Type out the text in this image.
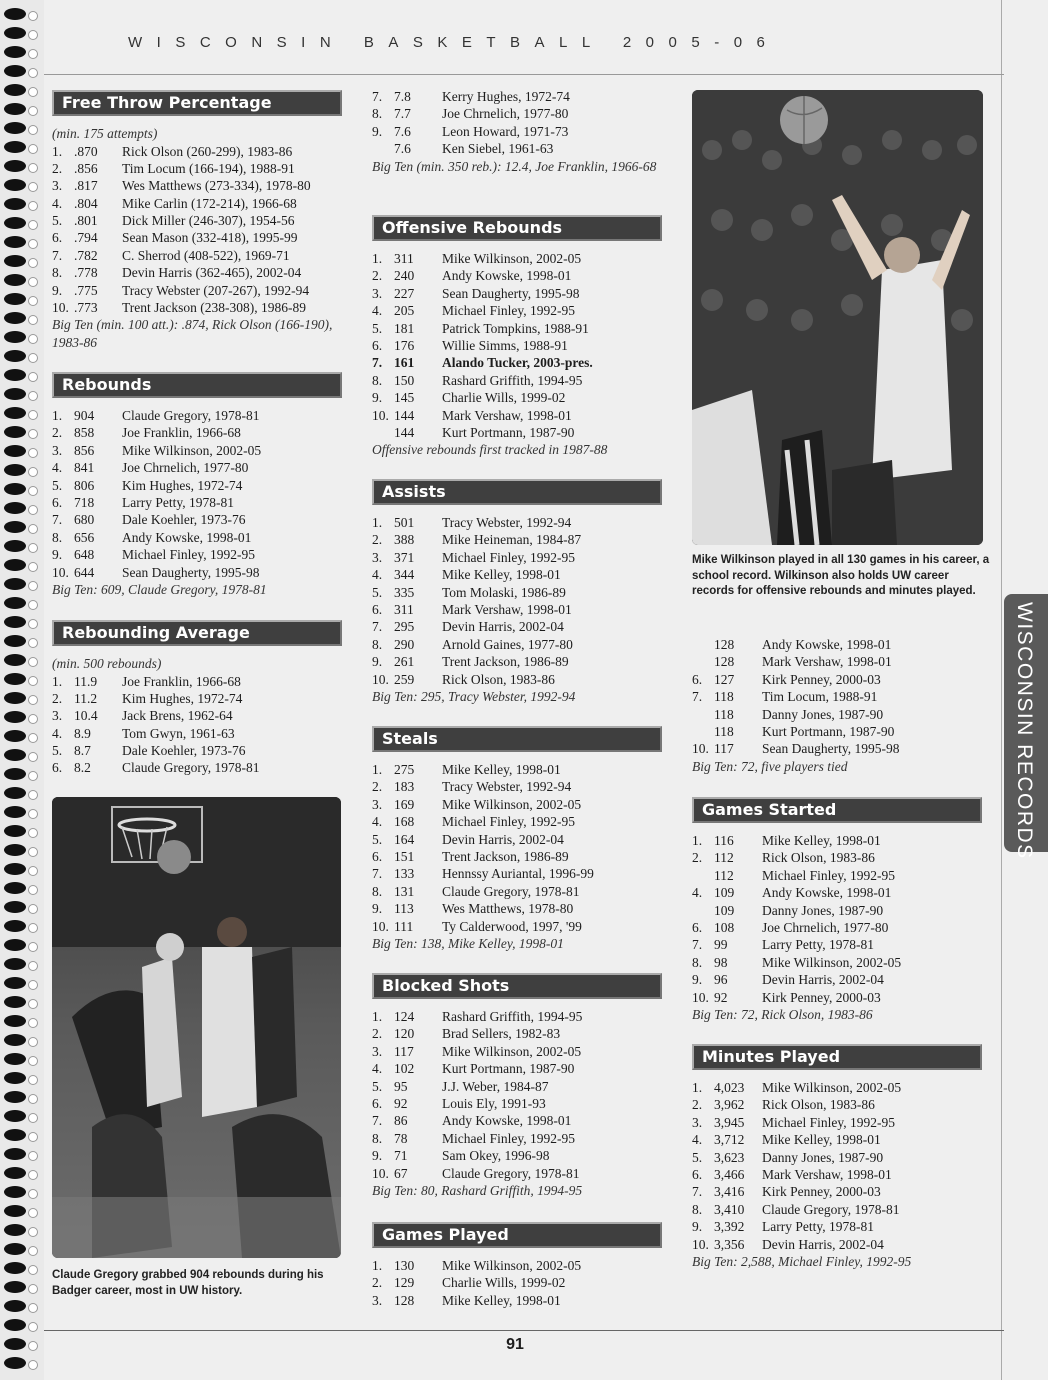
WISCONSIN BASKETBALL 2005-06
Free Throw Percentage
(min. 175 attempts)
1. .870 Rick Olson (260-299), 1983-86
2. .856 Tim Locum (166-194), 1988-91
3. .817 Wes Matthews (273-334), 1978-80
4. .804 Mike Carlin (172-214), 1966-68
5. .801 Dick Miller (246-307), 1954-56
6. .794 Sean Mason (332-418), 1995-99
7. .782 C. Sherrod (408-522), 1969-71
8. .778 Devin Harris (362-465), 2002-04
9. .775 Tracy Webster (207-267), 1992-94
10. .773 Trent Jackson (238-308), 1986-89
Big Ten (min. 100 att.): .874, Rick Olson (166-190), 1983-86
Rebounds
1. 904 Claude Gregory, 1978-81
2. 858 Joe Franklin, 1966-68
3. 856 Mike Wilkinson, 2002-05
4. 841 Joe Chrnelich, 1977-80
5. 806 Kim Hughes, 1972-74
6. 718 Larry Petty, 1978-81
7. 680 Dale Koehler, 1973-76
8. 656 Andy Kowske, 1998-01
9. 648 Michael Finley, 1992-95
10. 644 Sean Daugherty, 1995-98
Big Ten: 609, Claude Gregory, 1978-81
Rebounding Average
(min. 500 rebounds)
1. 11.9 Joe Franklin, 1966-68
2. 11.2 Kim Hughes, 1972-74
3. 10.4 Jack Brens, 1962-64
4. 8.9 Tom Gwyn, 1961-63
5. 8.7 Dale Koehler, 1973-76
6. 8.2 Claude Gregory, 1978-81
Claude Gregory grabbed 904 rebounds during his Badger career, most in UW history.
7. 7.8 Kerry Hughes, 1972-74
8. 7.7 Joe Chrnelich, 1977-80
9. 7.6 Leon Howard, 1971-73
7.6 Ken Siebel, 1961-63
Big Ten (min. 350 reb.): 12.4, Joe Franklin, 1966-68
Offensive Rebounds
1. 311 Mike Wilkinson, 2002-05
2. 240 Andy Kowske, 1998-01
3. 227 Sean Daugherty, 1995-98
4. 205 Michael Finley, 1992-95
5. 181 Patrick Tompkins, 1988-91
6. 176 Willie Simms, 1988-91
7. 161 Alando Tucker, 2003-pres.
8. 150 Rashard Griffith, 1994-95
9. 145 Charlie Wills, 1999-02
10. 144 Mark Vershaw, 1998-01
144 Kurt Portmann, 1987-90
Offensive rebounds first tracked in 1987-88
Assists
1. 501 Tracy Webster, 1992-94
2. 388 Mike Heineman, 1984-87
3. 371 Michael Finley, 1992-95
4. 344 Mike Kelley, 1998-01
5. 335 Tom Molaski, 1986-89
6. 311 Mark Vershaw, 1998-01
7. 295 Devin Harris, 2002-04
8. 290 Arnold Gaines, 1977-80
9. 261 Trent Jackson, 1986-89
10. 259 Rick Olson, 1983-86
Big Ten: 295, Tracy Webster, 1992-94
Steals
1. 275 Mike Kelley, 1998-01
2. 183 Tracy Webster, 1992-94
3. 169 Mike Wilkinson, 2002-05
4. 168 Michael Finley, 1992-95
5. 164 Devin Harris, 2002-04
6. 151 Trent Jackson, 1986-89
7. 133 Hennssy Auriantal, 1996-99
8. 131 Claude Gregory, 1978-81
9. 113 Wes Matthews, 1978-80
10. 111 Ty Calderwood, 1997, '99
Big Ten: 138, Mike Kelley, 1998-01
Blocked Shots
1. 124 Rashard Griffith, 1994-95
2. 120 Brad Sellers, 1982-83
3. 117 Mike Wilkinson, 2002-05
4. 102 Kurt Portmann, 1987-90
5. 95	J.J. Weber, 1984-87
6. 92	Louis Ely, 1991-93
7. 86	Andy Kowske, 1998-01
8. 78	Michael Finley, 1992-95
9. 71	Sam Okey, 1996-98
10. 67	Claude Gregory, 1978-81
Big Ten: 80, Rashard Griffith, 1994-95
Games Played
1. 130 Mike Wilkinson, 2002-05
2. 129 Charlie Wills, 1999-02
3. 128 Mike Kelley, 1998-01
Mike Wilkinson played in all 130 games in his career, a school record. Wilkinson also holds UW career records for offensive rebounds and minutes played.
128 Andy Kowske, 1998-01
128 Mark Vershaw, 1998-01
6. 127 Kirk Penney, 2000-03
7. 118 Tim Locum, 1988-91
118 Danny Jones, 1987-90
118 Kurt Portmann, 1987-90
10. 117 Sean Daugherty, 1995-98
Big Ten: 72, five players tied
Games Started
1. 116 Mike Kelley, 1998-01
2. 112 Rick Olson, 1983-86
112 Michael Finley, 1992-95
4. 109 Andy Kowske, 1998-01
109 Danny Jones, 1987-90
6. 108 Joe Chrnelich, 1977-80
7. 99	Larry Petty, 1978-81
8. 98	Mike Wilkinson, 2002-05
9. 96	Devin Harris, 2002-04
10. 92	Kirk Penney, 2000-03
Big Ten: 72, Rick Olson, 1983-86
Minutes Played
1. 4,023 Mike Wilkinson, 2002-05
2. 3,962 Rick Olson, 1983-86
3. 3,945 Michael Finley, 1992-95
4. 3,712 Mike Kelley, 1998-01
5. 3,623 Danny Jones, 1987-90
6. 3,466 Mark Vershaw, 1998-01
7. 3,416 Kirk Penney, 2000-03
8. 3,410 Claude Gregory, 1978-81
9. 3,392 Larry Petty, 1978-81
10. 3,356 Devin Harris, 2002-04
Big Ten: 2,588, Michael Finley, 1992-95
WISCONSIN RECORDS
91
